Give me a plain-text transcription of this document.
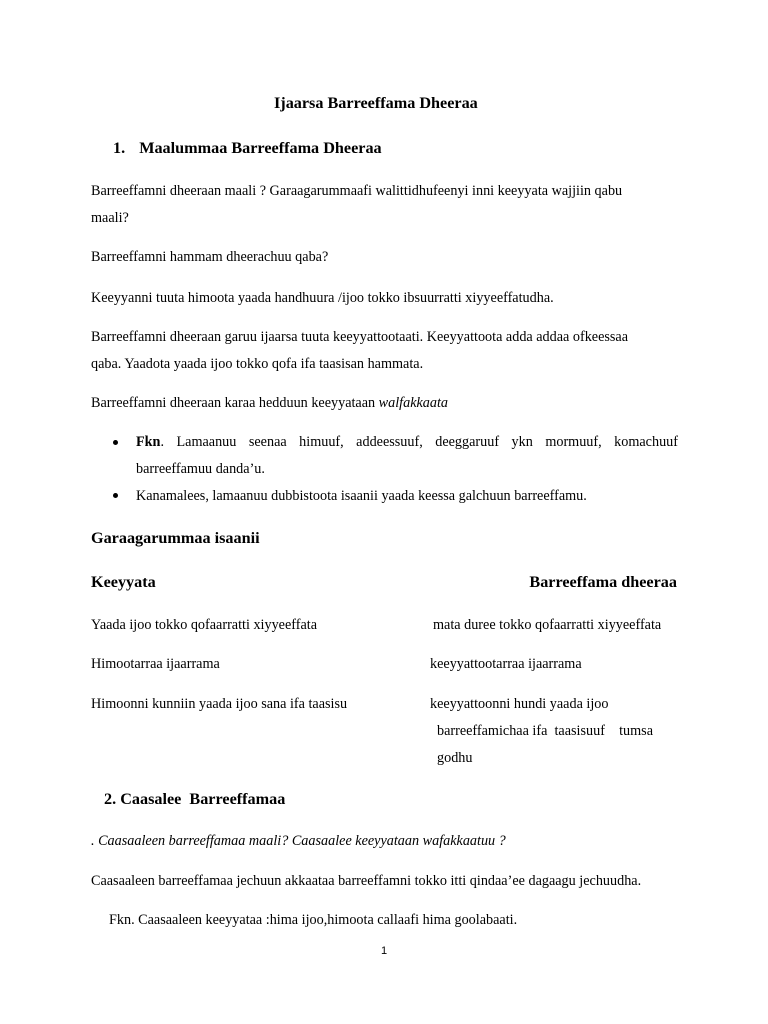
Ijaarsa Barreeffama Dheeraa
1. Maalummaa Barreeffama Dheeraa
Barreeffamni dheeraan maali ? Garaagarummaafi walittidhufeenyi inni keeyyata wajjiin qabu
maali?
Barreeffamni hammam dheerachuu qaba?
Keeyyanni tuuta himoota yaada handhuura /ijoo tokko ibsuurratti xiyyeeffatudha.
Barreeffamni dheeraan garuu ijaarsa tuuta keeyyattootaati. Keeyyattoota adda addaa ofkeessaa
qaba. Yaadota yaada ijoo tokko qofa ifa taasisan hammata.
Barreeffamni dheeraan karaa hedduun keeyyataan walfakkaata
Fkn. Lamaanuu seenaa himuuf, addeessuuf, deeggaruuf ykn mormuuf, komachuuf
barreeffamuu danda’u.
Kanamalees, lamaanuu dubbistoota isaanii yaada keessa galchuun barreeffamu.
Garaagarummaa isaanii
Keeyyata	Barreeffama dheeraa
Yaada ijoo tokko qofaarratti xiyyeeffata	mata duree tokko qofaarratti xiyyeeffata
Himootarraa ijaarrama	keeyyattootarraa ijaarrama
Himoonni kunniin yaada ijoo sana ifa taasisu	keeyyattoonni hundi yaada ijoo
barreeffamichaa ifa  taasisuuf    tumsa
godhu
2. Caasalee  Barreeffamaa
. Caasaaleen barreeffamaa maali? Caasaalee keeyyataan wafakkaatuu ?
Caasaaleen barreeffamaa jechuun akkaataa barreeffamni tokko itti qindaa’ee dagaagu jechuudha.
Fkn. Caasaaleen keeyyataa :hima ijoo,himoota callaafi hima goolabaati.
1
